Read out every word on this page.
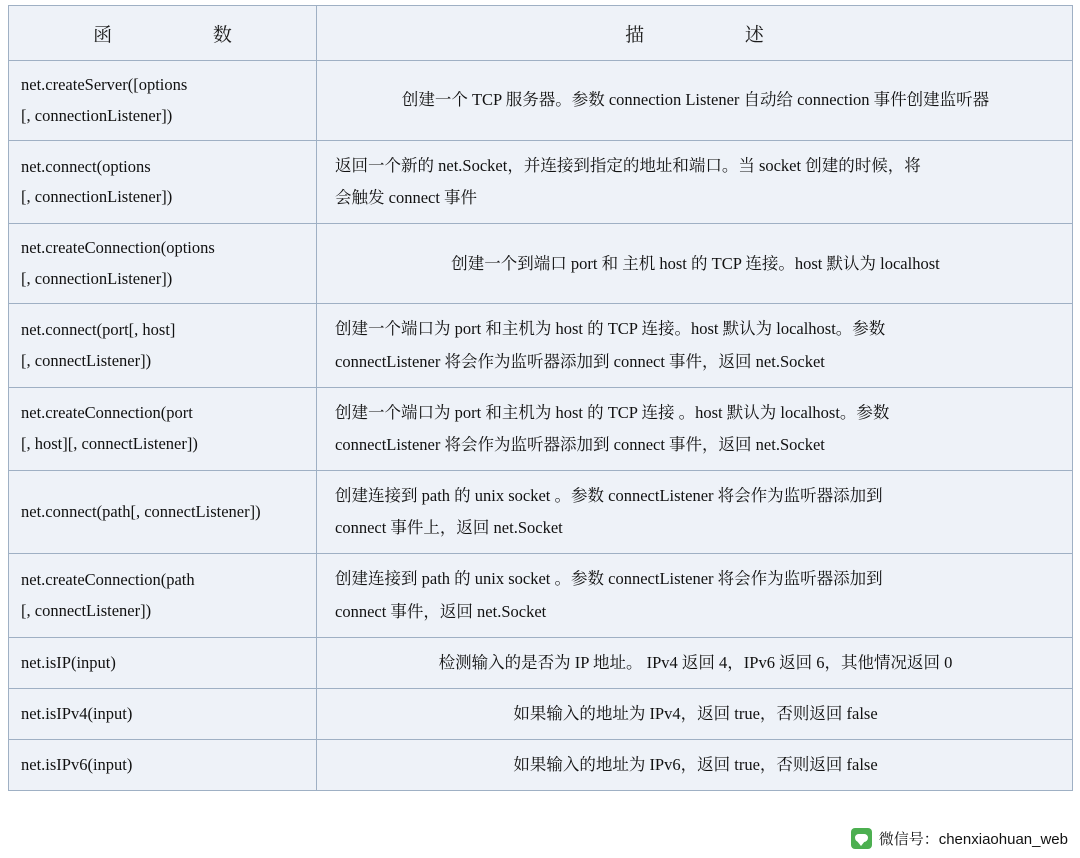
函　　数	描　　述

net.createServer([options
[, connectionListener])	创建一个 TCP 服务器。参数 connection Listener 自动给 connection 事件创建监听器

net.connect(options
[, connectionListener])	返回一个新的 net.Socket，并连接到指定的地址和端口。当 socket 创建的时候，将
会触发 connect 事件

net.createConnection(options
[, connectionListener])	创建一个到端口 port 和 主机 host 的 TCP 连接。host 默认为 localhost

net.connect(port[, host]
[, connectListener])	创建一个端口为 port 和主机为 host 的 TCP 连接。host 默认为 localhost。参数
connectListener 将会作为监听器添加到 connect 事件，返回 net.Socket

net.createConnection(port
[, host][, connectListener])	创建一个端口为 port 和主机为 host 的 TCP 连接 。host 默认为 localhost。参数
connectListener 将会作为监听器添加到 connect 事件，返回 net.Socket

net.connect(path[, connectListener])	创建连接到 path 的 unix socket 。参数 connectListener 将会作为监听器添加到
connect 事件上，返回 net.Socket

net.createConnection(path
[, connectListener])	创建连接到 path 的 unix socket 。参数 connectListener 将会作为监听器添加到
connect 事件，返回 net.Socket

net.isIP(input)	检测输入的是否为 IP 地址。 IPv4 返回 4，IPv6 返回 6，其他情况返回 0

net.isIPv4(input)	如果输入的地址为 IPv4，返回 true，否则返回 false

net.isIPv6(input)	如果输入的地址为 IPv6，返回 true，否则返回 false
微信号：chenxiaohuan_web
